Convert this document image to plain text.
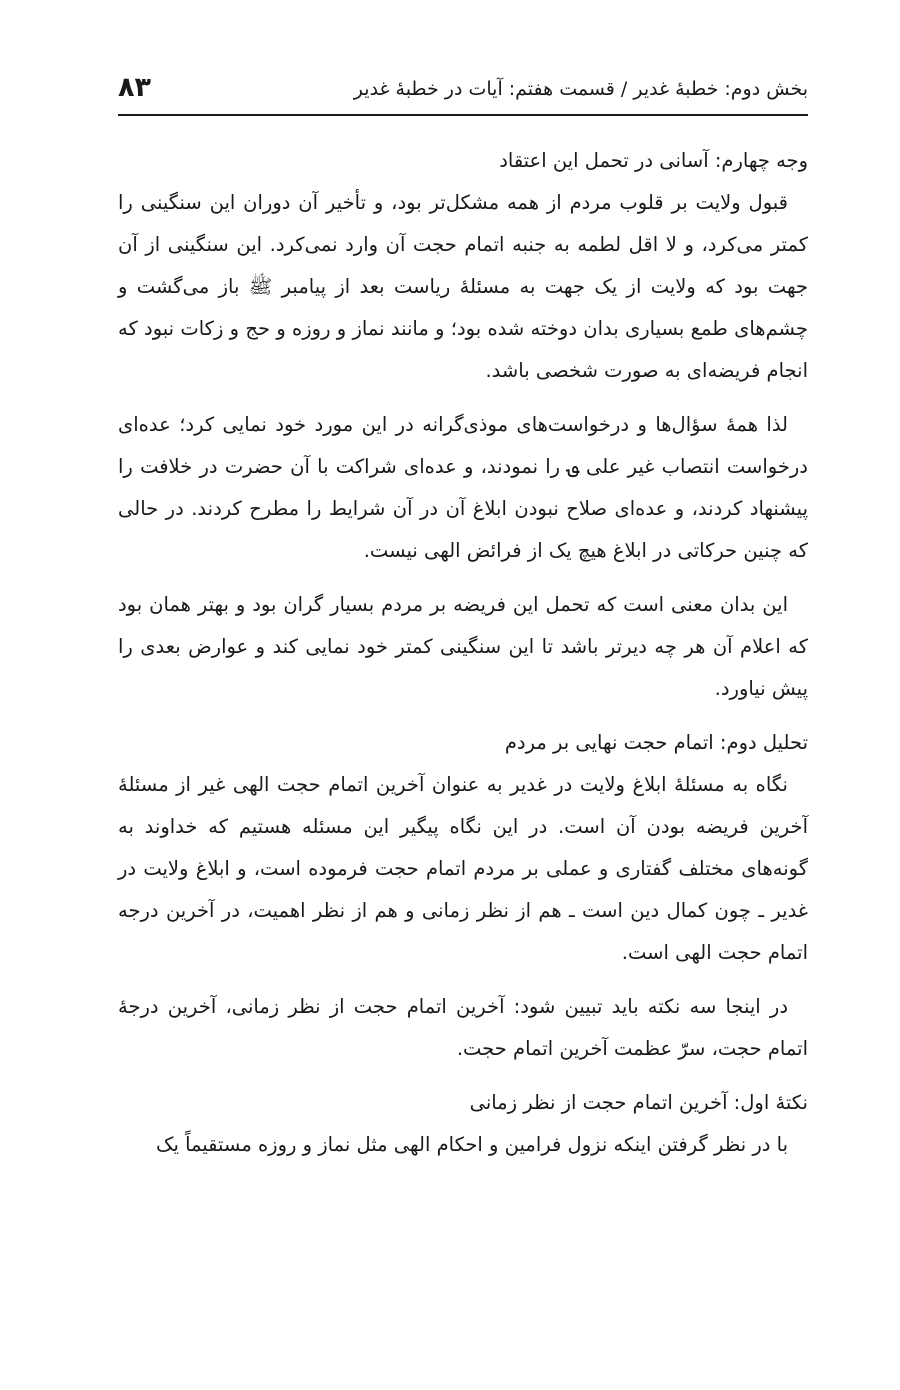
بخش دوم: خطبهٔ غدیر / قسمت هفتم: آیات در خطبهٔ غدیر
۸۳

وجه چهارم: آسانی در تحمل این اعتقاد

قبول ولایت بر قلوب مردم از همه مشکل‌تر بود، و تأخیر آن دوران این سنگینی را کمتر می‌کرد، و لا اقل لطمه به جنبه اتمام حجت آن وارد نمی‌کرد. این سنگینی از آن جهت بود که ولایت از یک جهت به مسئلهٔ ریاست بعد از پیامبر ﷺ باز می‌گشت و چشم‌های طمع بسیاری بدان دوخته شده بود؛ و مانند نماز و روزه و حج و زکات نبود که انجام فریضه‌ای به صورت شخصی باشد.

لذا همهٔ سؤال‌ها و درخواست‌های موذی‌گرانه در این مورد خود نمایی کرد؛ عده‌ای درخواست انتصاب غیر علی ؈ را نمودند، و عده‌ای شراکت با آن حضرت در خلافت را پیشنهاد کردند، و عده‌ای صلاح نبودن ابلاغ آن در آن شرایط را مطرح کردند. در حالی که چنین حرکاتی در ابلاغ هیچ یک از فرائض الهی نیست.

این بدان معنی است که تحمل این فریضه بر مردم بسیار گران بود و بهتر همان بود که اعلام آن هر چه دیرتر باشد تا این سنگینی کمتر خود نمایی کند و عوارض بعدی را پیش نیاورد.

تحلیل دوم: اتمام حجت نهایی بر مردم

نگاه به مسئلهٔ ابلاغ ولایت در غدیر به عنوان آخرین اتمام حجت الهی غیر از مسئلهٔ آخرین فریضه بودن آن است. در این نگاه پیگیر این مسئله هستیم که خداوند به گونه‌های مختلف گفتاری و عملی بر مردم اتمام حجت فرموده است، و ابلاغ ولایت در غدیر ـ چون کمال دین است ـ هم از نظر زمانی و هم از نظر اهمیت، در آخرین درجه اتمام حجت الهی است.

در اینجا سه نکته باید تبیین شود: آخرین اتمام حجت از نظر زمانی، آخرین درجهٔ اتمام حجت، سرّ عظمت آخرین اتمام حجت.

نکتهٔ اول: آخرین اتمام حجت از نظر زمانی

با در نظر گرفتن اینکه نزول فرامین و احکام الهی مثل نماز و روزه مستقیماً یک
